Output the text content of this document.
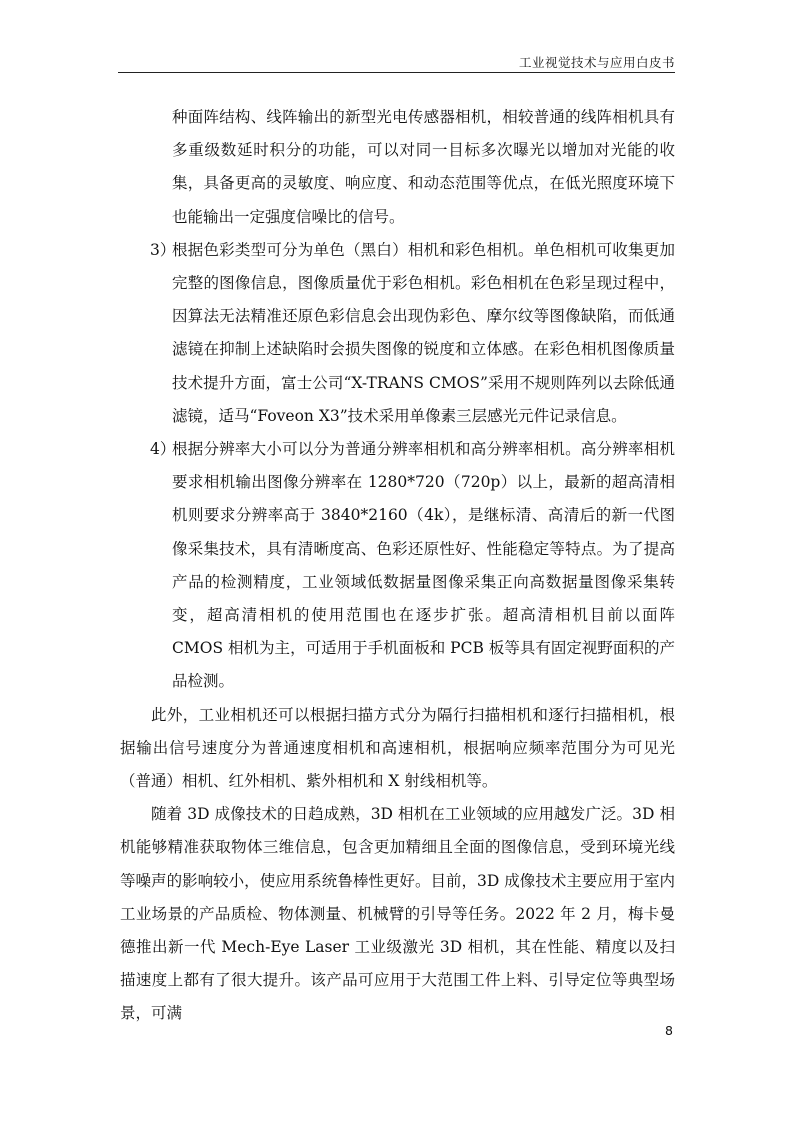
工业视觉技术与应用白皮书

种面阵结构、线阵输出的新型光电传感器相机，相较普通的线阵相机具有多重级数延时积分的功能，可以对同一目标多次曝光以增加对光能的收集，具备更高的灵敏度、响应度、和动态范围等优点，在低光照度环境下也能输出一定强度信噪比的信号。

3）
根据色彩类型可分为单色（黑白）相机和彩色相机。单色相机可收集更加完整的图像信息，图像质量优于彩色相机。彩色相机在色彩呈现过程中，因算法无法精准还原色彩信息会出现伪彩色、摩尔纹等图像缺陷，而低通滤镜在抑制上述缺陷时会损失图像的锐度和立体感。在彩色相机图像质量技术提升方面，富士公司“X-TRANS CMOS”采用不规则阵列以去除低通滤镜，适马“Foveon X3”技术采用单像素三层感光元件记录信息。
4）
根据分辨率大小可以分为普通分辨率相机和高分辨率相机。高分辨率相机要求相机输出图像分辨率在 1280*720（720p）以上，最新的超高清相机则要求分辨率高于 3840*2160（4k），是继标清、高清后的新一代图像采集技术，具有清晰度高、色彩还原性好、性能稳定等特点。为了提高产品的检测精度，工业领域低数据量图像采集正向高数据量图像采集转变，超高清相机的使用范围也在逐步扩张。超高清相机目前以面阵 CMOS 相机为主，可适用于手机面板和 PCB 板等具有固定视野面积的产品检测。

此外，工业相机还可以根据扫描方式分为隔行扫描相机和逐行扫描相机，根据输出信号速度分为普通速度相机和高速相机，根据响应频率范围分为可见光（普通）相机、红外相机、紫外相机和 X 射线相机等。

随着 3D 成像技术的日趋成熟，3D 相机在工业领域的应用越发广泛。3D 相机能够精准获取物体三维信息，包含更加精细且全面的图像信息，受到环境光线等噪声的影响较小，使应用系统鲁棒性更好。目前，3D 成像技术主要应用于室内工业场景的产品质检、物体测量、机械臂的引导等任务。2022 年 2 月，梅卡曼德推出新一代 Mech-Eye Laser 工业级激光 3D 相机，其在性能、精度以及扫描速度上都有了很大提升。该产品可应用于大范围工件上料、引导定位等典型场景，可满

8
